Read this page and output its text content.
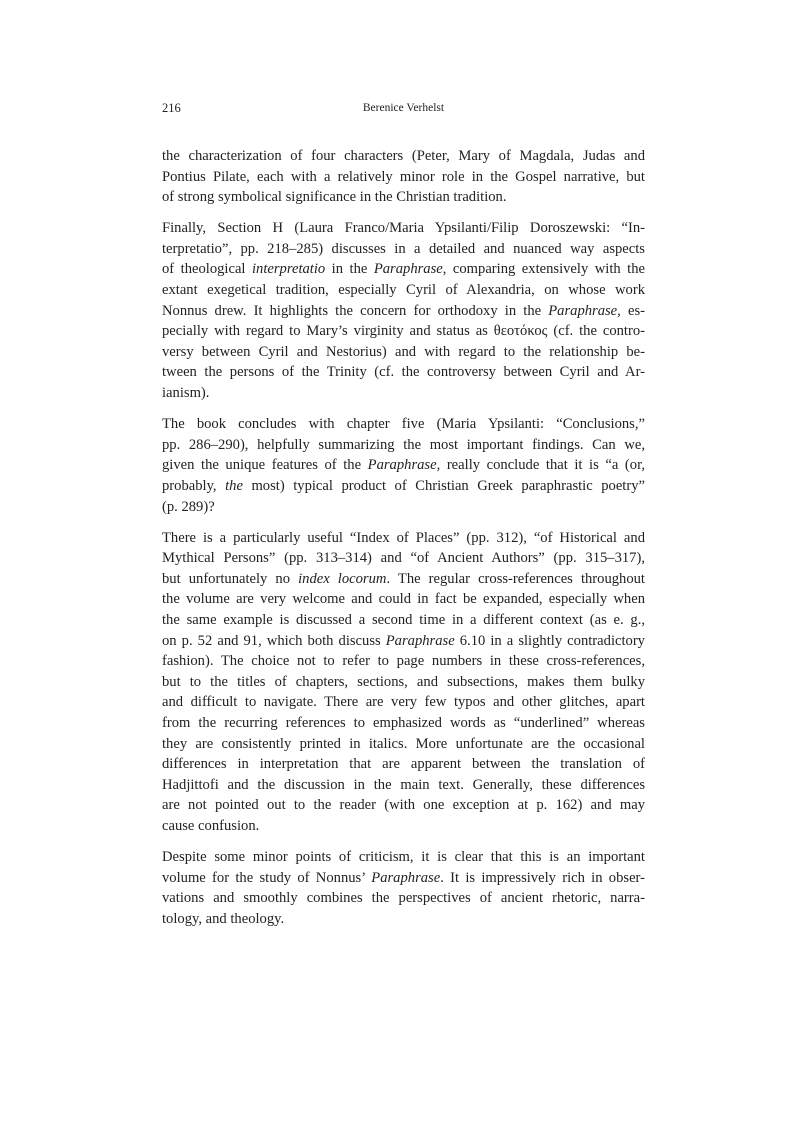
216	Berenice Verhelst

the characterization of four characters (Peter, Mary of Magdala, Judas and
Pontius Pilate, each with a relatively minor role in the Gospel narrative, but
of strong symbolical significance in the Christian tradition.

Finally, Section H (Laura Franco/Maria Ypsilanti/Filip Doroszewski: “In-
terpretatio”, pp. 218–285) discusses in a detailed and nuanced way aspects
of theological interpretatio in the Paraphrase, comparing extensively with the
extant exegetical tradition, especially Cyril of Alexandria, on whose work
Nonnus drew. It highlights the concern for orthodoxy in the Paraphrase, es-
pecially with regard to Mary’s virginity and status as θεοτόκος (cf. the contro-
versy between Cyril and Nestorius) and with regard to the relationship be-
tween the persons of the Trinity (cf. the controversy between Cyril and Ar-
ianism).

The book concludes with chapter five (Maria Ypsilanti: “Conclusions,”
pp. 286–290), helpfully summarizing the most important findings. Can we,
given the unique features of the Paraphrase, really conclude that it is “a (or,
probably, the most) typical product of Christian Greek paraphrastic poetry”
(p. 289)?

There is a particularly useful “Index of Places” (pp. 312), “of Historical and
Mythical Persons” (pp. 313–314) and “of Ancient Authors” (pp. 315–317),
but unfortunately no index locorum. The regular cross-references throughout
the volume are very welcome and could in fact be expanded, especially when
the same example is discussed a second time in a different context (as e. g.,
on p. 52 and 91, which both discuss Paraphrase 6.10 in a slightly contradictory
fashion). The choice not to refer to page numbers in these cross-references,
but to the titles of chapters, sections, and subsections, makes them bulky
and difficult to navigate. There are very few typos and other glitches, apart
from the recurring references to emphasized words as “underlined” whereas
they are consistently printed in italics. More unfortunate are the occasional
differences in interpretation that are apparent between the translation of
Hadjittofi and the discussion in the main text. Generally, these differences
are not pointed out to the reader (with one exception at p. 162) and may
cause confusion.

Despite some minor points of criticism, it is clear that this is an important
volume for the study of Nonnus’ Paraphrase. It is impressively rich in obser-
vations and smoothly combines the perspectives of ancient rhetoric, narra-
tology, and theology.
